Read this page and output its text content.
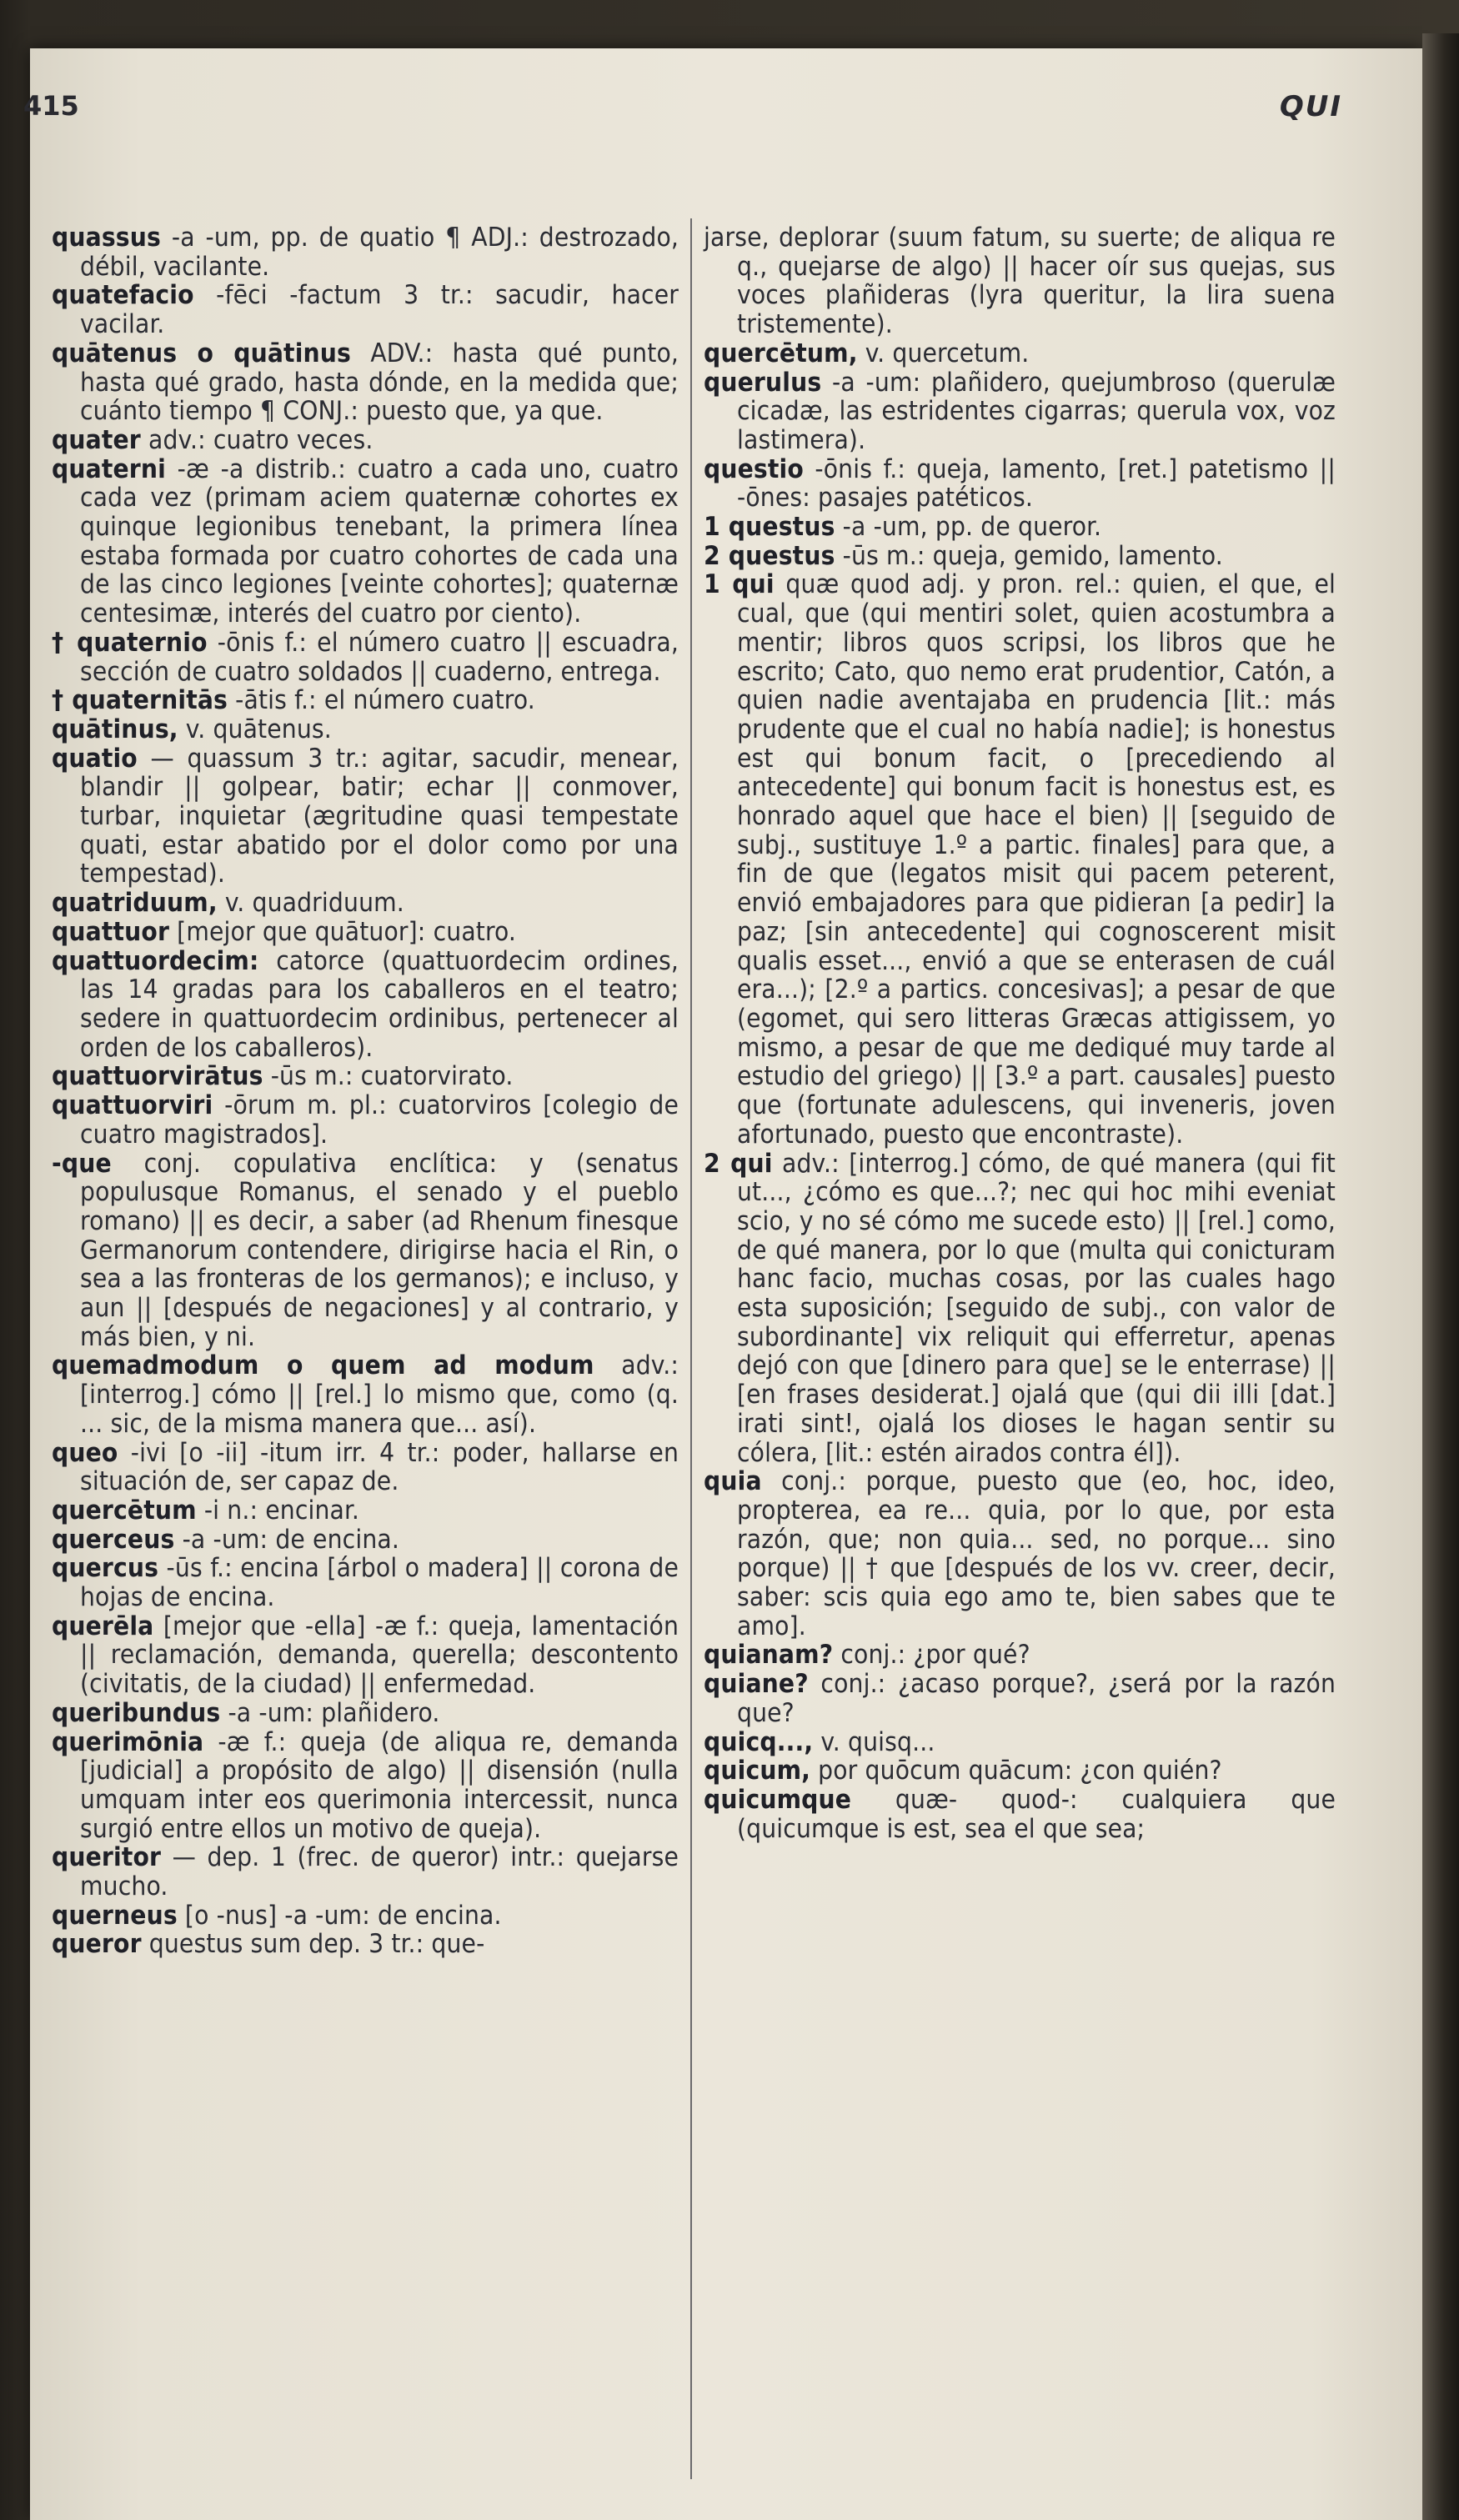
415	QUI

quassus -a -um, pp. de quatio ¶ ADJ.: destrozado, débil, vacilante.

quatefacio -fēci -factum 3 tr.: sacudir, hacer vacilar.

quātenus o quātinus ADV.: hasta qué punto, hasta qué grado, hasta dónde, en la medida que; cuánto tiempo ¶ CONJ.: puesto que, ya que.

quater adv.: cuatro veces.

quaterni -æ -a distrib.: cuatro a cada uno, cuatro cada vez (primam aciem quaternæ cohortes ex quinque legionibus tenebant, la primera línea estaba formada por cuatro cohortes de cada una de las cinco legiones [veinte cohortes]; quaternæ centesimæ, interés del cuatro por ciento).

† quaternio -ōnis f.: el número cuatro || escuadra, sección de cuatro soldados || cuaderno, entrega.

† quaternitās -ātis f.: el número cuatro.

quātinus, v. quātenus.

quatio — quassum 3 tr.: agitar, sacudir, menear, blandir || golpear, batir; echar || conmover, turbar, inquietar (ægritudine quasi tempestate quati, estar abatido por el dolor como por una tempestad).

quatriduum, v. quadriduum.

quattuor [mejor que quātuor]: cuatro.

quattuordecim: catorce (quattuordecim ordines, las 14 gradas para los caballeros en el teatro; sedere in quattuordecim ordinibus, pertenecer al orden de los caballeros).

quattuorvirātus -ūs m.: cuatorvirato.

quattuorviri -ōrum m. pl.: cuatorviros [colegio de cuatro magistrados].

-que conj. copulativa enclítica: y (senatus populusque Romanus, el senado y el pueblo romano) || es decir, a saber (ad Rhenum finesque Germanorum contendere, dirigirse hacia el Rin, o sea a las fronteras de los germanos); e incluso, y aun || [después de negaciones] y al contrario, y más bien, y ni.

quemadmodum o quem ad modum adv.: [interrog.] cómo || [rel.] lo mismo que, como (q. ... sic, de la misma manera que... así).

queo -ivi [o -ii] -itum irr. 4 tr.: poder, hallarse en situación de, ser capaz de.

quercētum -i n.: encinar.

querceus -a -um: de encina.

quercus -ūs f.: encina [árbol o madera] || corona de hojas de encina.

querēla [mejor que -ella] -æ f.: queja, lamentación || reclamación, demanda, querella; descontento (civitatis, de la ciudad) || enfermedad.

queribundus -a -um: plañidero.

querimōnia -æ f.: queja (de aliqua re, demanda [judicial] a propósito de algo) || disensión (nulla umquam inter eos querimonia intercessit, nunca surgió entre ellos un motivo de queja).

queritor — dep. 1 (frec. de queror) intr.: quejarse mucho.

querneus [o -nus] -a -um: de encina.

queror questus sum dep. 3 tr.: que-

jarse, deplorar (suum fatum, su suerte; de aliqua re q., quejarse de algo) || hacer oír sus quejas, sus voces plañideras (lyra queritur, la lira suena tristemente).

quercētum, v. quercetum.

querulus -a -um: plañidero, quejumbroso (querulæ cicadæ, las estridentes cigarras; querula vox, voz lastimera).

questio -ōnis f.: queja, lamento, [ret.] patetismo || -ōnes: pasajes patéticos.

1 questus -a -um, pp. de queror.

2 questus -ūs m.: queja, gemido, lamento.

1 qui quæ quod adj. y pron. rel.: quien, el que, el cual, que (qui mentiri solet, quien acostumbra a mentir; libros quos scripsi, los libros que he escrito; Cato, quo nemo erat prudentior, Catón, a quien nadie aventajaba en prudencia [lit.: más prudente que el cual no había nadie]; is honestus est qui bonum facit, o [precediendo al antecedente] qui bonum facit is honestus est, es honrado aquel que hace el bien) || [seguido de subj., sustituye 1.º a partic. finales] para que, a fin de que (legatos misit qui pacem peterent, envió embajadores para que pidieran [a pedir] la paz; [sin antecedente] qui cognoscerent misit qualis esset..., envió a que se enterasen de cuál era...); [2.º a partics. concesivas]; a pesar de que (egomet, qui sero litteras Græcas attigissem, yo mismo, a pesar de que me dediqué muy tarde al estudio del griego) || [3.º a part. causales] puesto que (fortunate adulescens, qui inveneris, joven afortunado, puesto que encontraste).

2 qui adv.: [interrog.] cómo, de qué manera (qui fit ut..., ¿cómo es que...?; nec qui hoc mihi eveniat scio, y no sé cómo me sucede esto) || [rel.] como, de qué manera, por lo que (multa qui conicturam hanc facio, muchas cosas, por las cuales hago esta suposición; [seguido de subj., con valor de subordinante] vix reliquit qui efferretur, apenas dejó con que [dinero para que] se le enterrase) || [en frases desiderat.] ojalá que (qui dii illi [dat.] irati sint!, ojalá los dioses le hagan sentir su cólera, [lit.: estén airados contra él]).

quia conj.: porque, puesto que (eo, hoc, ideo, propterea, ea re... quia, por lo que, por esta razón, que; non quia... sed, no porque... sino porque) || † que [después de los vv. creer, decir, saber: scis quia ego amo te, bien sabes que te amo].

quianam? conj.: ¿por qué?

quiane? conj.: ¿acaso porque?, ¿será por la razón que?

quicq..., v. quisq...

quicum, por quōcum quācum: ¿con quién?

quicumque quæ- quod-: cualquiera que (quicumque is est, sea el que sea;
